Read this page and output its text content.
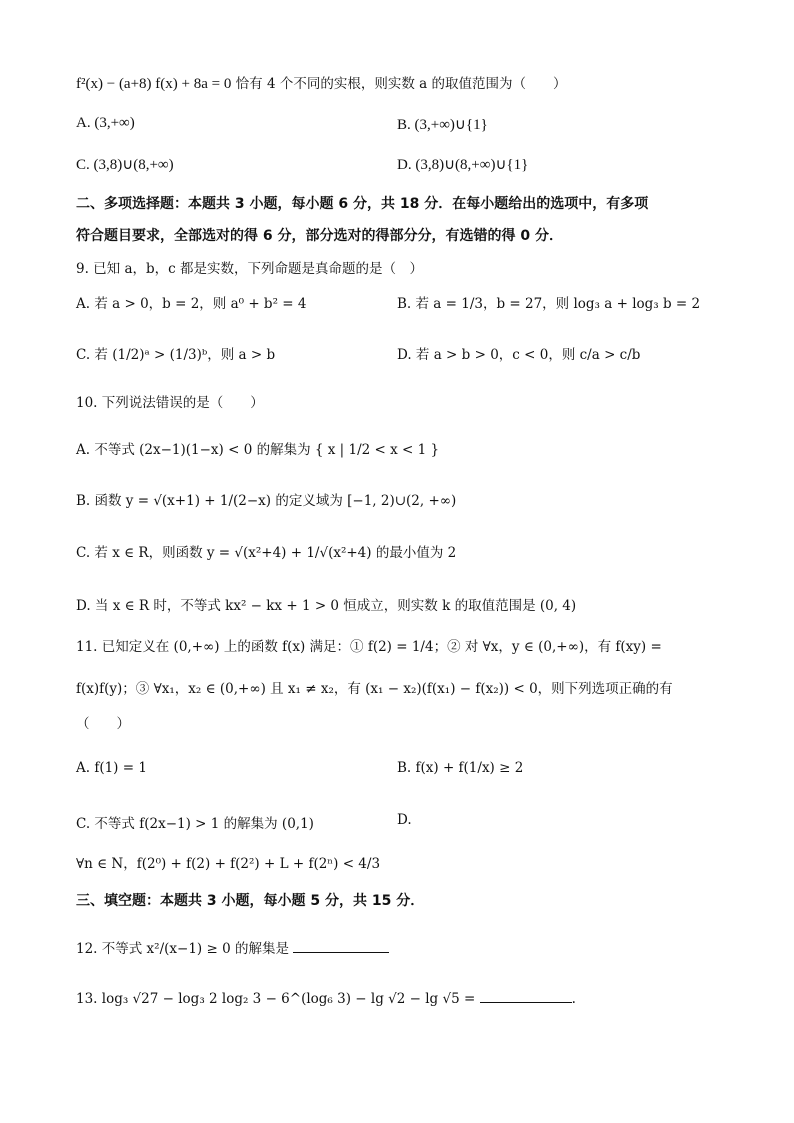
f²(x) − (a+8) f(x) + 8a = 0 恰有 4 个不同的实根，则实数 a 的取值范围为（　　）
A. (3,+∞)	B. (3,+∞)∪{1}
C. (3,8)∪(8,+∞)	D. (3,8)∪(8,+∞)∪{1}
二、多项选择题：本题共 3 小题，每小题 6 分，共 18 分．在每小题给出的选项中，有多项
符合题目要求，全部选对的得 6 分，部分选对的得部分分，有选错的得 0 分．
9. 已知 a，b，c 都是实数，下列命题是真命题的是（　）
A. 若 a > 0，b = 2，则 a⁰ + b² = 4	B. 若 a = 1/3，b = 27，则 log₃ a + log₃ b = 2
C. 若 (1/2)ᵃ > (1/3)ᵇ，则 a > b	D. 若 a > b > 0，c < 0，则 c/a > c/b
10. 下列说法错误的是（　　）
A. 不等式 (2x−1)(1−x) < 0 的解集为 { x | 1/2 < x < 1 }
B. 函数 y = √(x+1) + 1/(2−x) 的定义域为 [−1, 2)∪(2, +∞)
C. 若 x ∈ R，则函数 y = √(x²+4) + 1/√(x²+4) 的最小值为 2
D. 当 x ∈ R 时，不等式 kx² − kx + 1 > 0 恒成立，则实数 k 的取值范围是 (0, 4)
11. 已知定义在 (0,+∞) 上的函数 f(x) 满足：① f(2) = 1/4；② 对 ∀x，y ∈ (0,+∞)，有 f(xy) =
f(x)f(y)；③ ∀x₁，x₂ ∈ (0,+∞) 且 x₁ ≠ x₂，有 (x₁ − x₂)(f(x₁) − f(x₂)) < 0，则下列选项正确的有
（　　）
A. f(1) = 1	B. f(x) + f(1/x) ≥ 2
C. 不等式 f(2x−1) > 1 的解集为 (0,1)	D.
∀n ∈ N，f(2⁰) + f(2) + f(2²) + L + f(2ⁿ) < 4/3
三、填空题：本题共 3 小题，每小题 5 分，共 15 分．
12. 不等式 x²/(x−1) ≥ 0 的解集是
13. log₃ √27 − log₃ 2 log₂ 3 − 6^(log₆ 3) − lg √2 − lg √5 =	.
